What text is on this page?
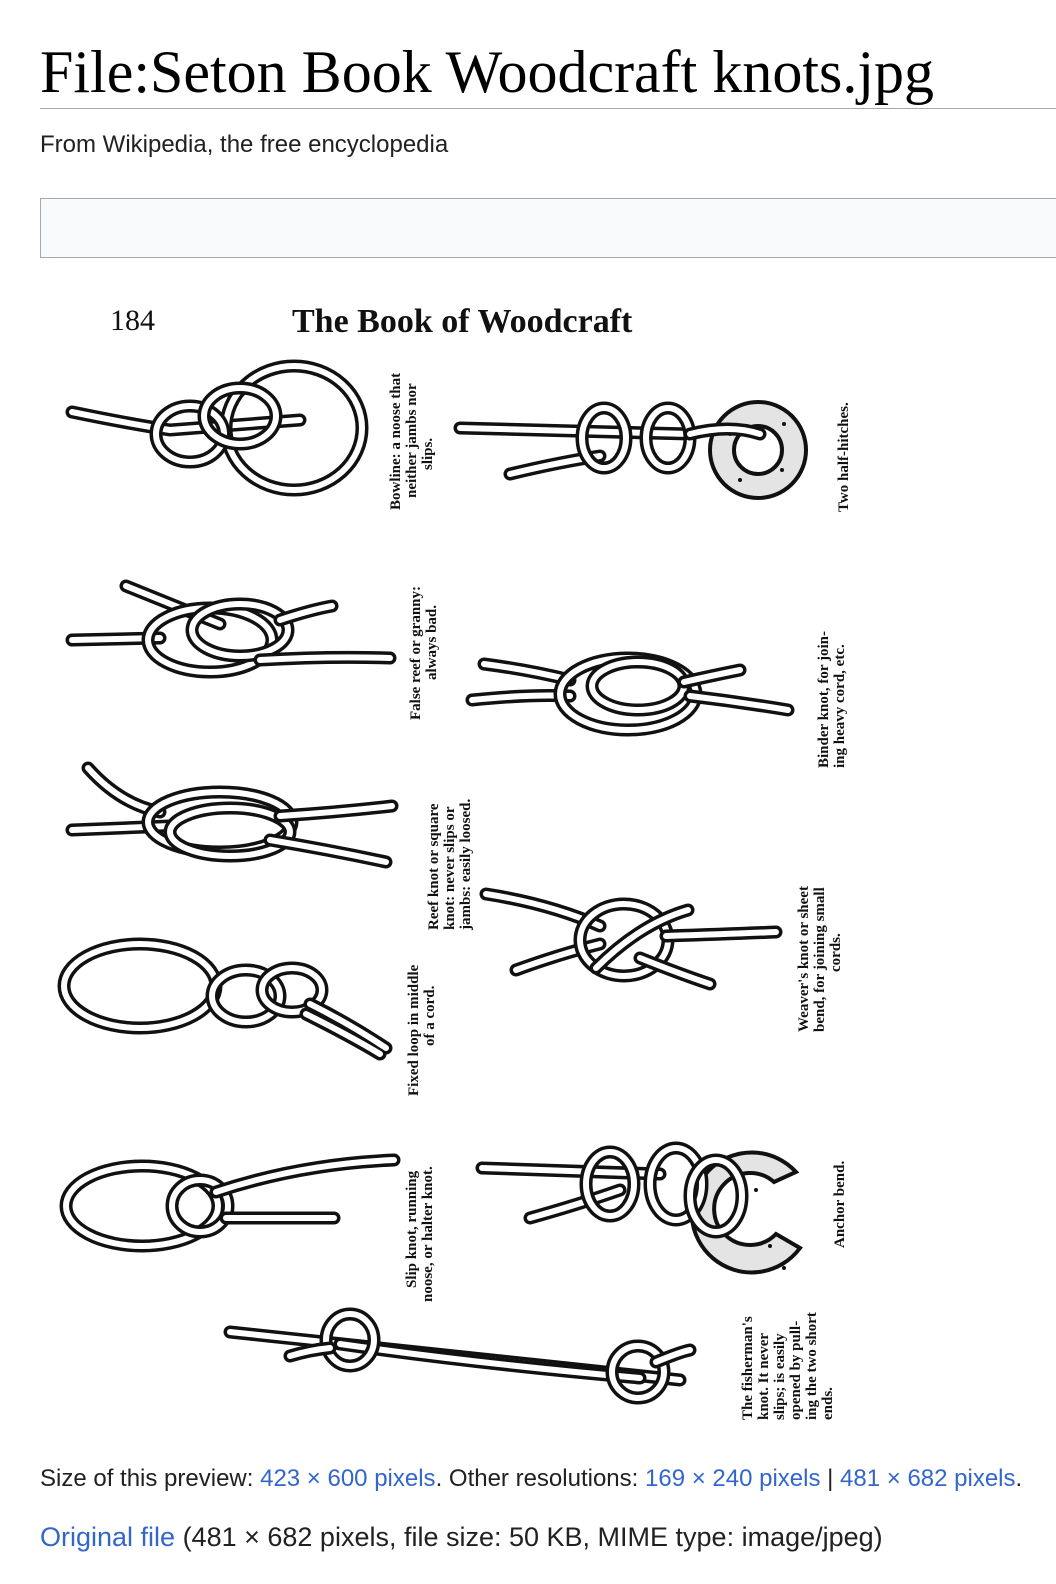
File:Seton Book Woodcraft knots.jpg
From Wikipedia, the free encyclopedia
184	The Book of Woodcraft
Bowline: a noose that neither jambs nor slips.
False reef or granny: always bad.
Reef knot or square knot: never slips or jambs: easily loosed.
Fixed loop in middle of a cord.
Slip knot, running noose, or halter knot.
Two half-hitches.
Binder knot, for join- ing heavy cord, etc.
Weaver's knot or sheet bend, for joining small cords.
Anchor bend.
The fisherman's knot. It never slips; is easily opened by pull- ing the two short ends.
Size of this preview: 423 × 600 pixels. Other resolutions: 169 × 240 pixels | 481 × 682 pixels.
Original file (481 × 682 pixels, file size: 50 KB, MIME type: image/jpeg)
